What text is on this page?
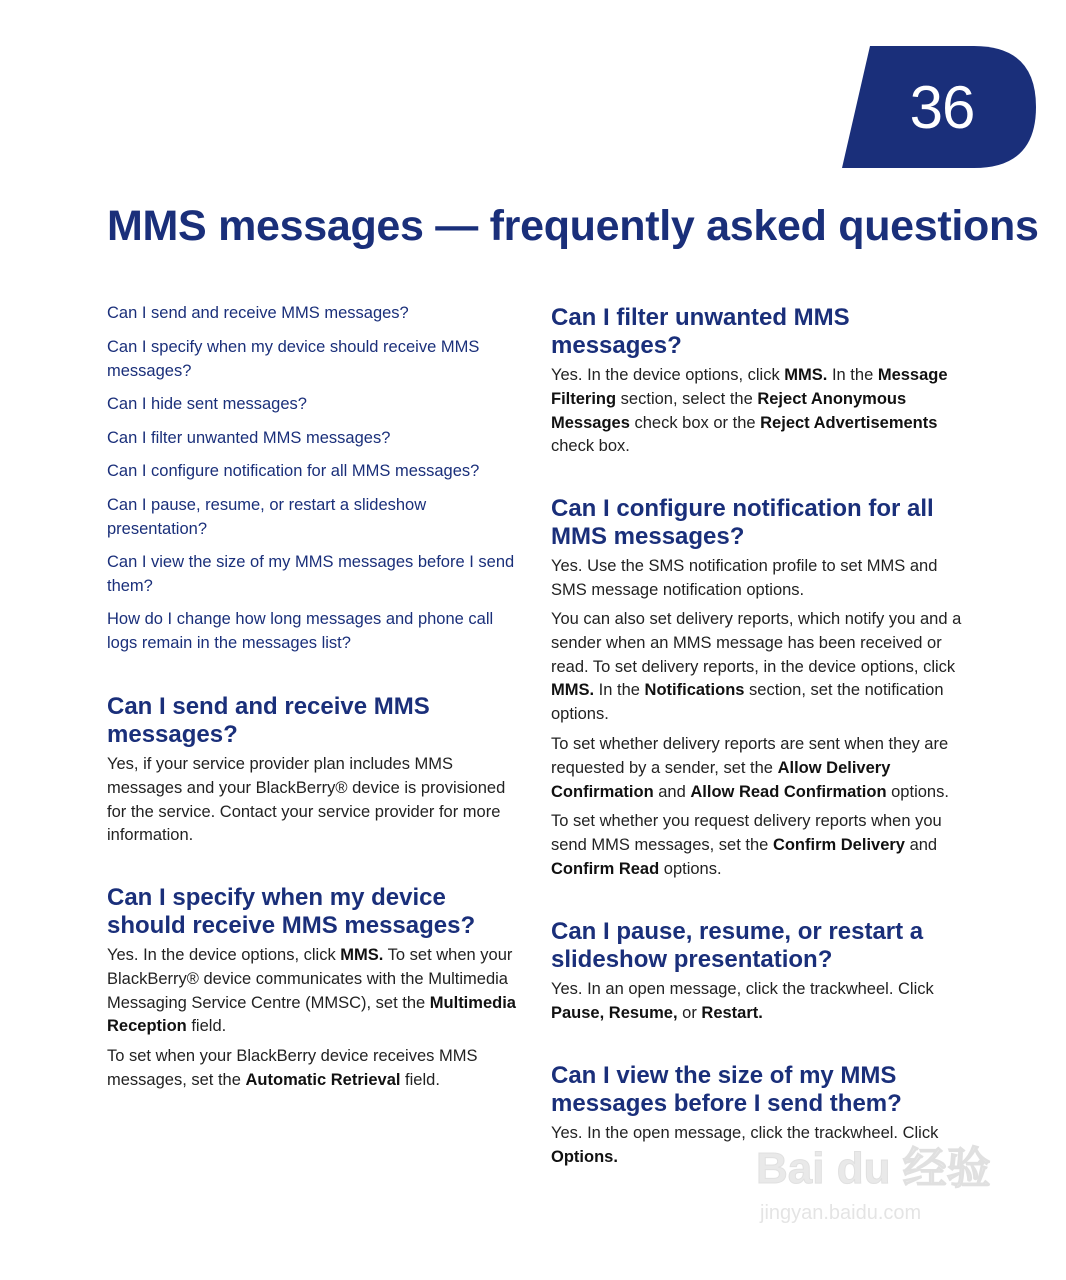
36
MMS messages — frequently asked questions
Can I send and receive MMS messages?
Can I specify when my device should receive MMS messages?
Can I hide sent messages?
Can I filter unwanted MMS messages?
Can I configure notification for all MMS messages?
Can I pause, resume, or restart a slideshow presentation?
Can I view the size of my MMS messages before I send them?
How do I change how long messages and phone call logs remain in the messages list?
Can I send and receive MMS messages?

Yes, if your service provider plan includes MMS messages and your BlackBerry® device is provisioned for the service. Contact your service provider for more information.

Can I specify when my device should receive MMS messages?

Yes. In the device options, click MMS. To set when your BlackBerry® device communicates with the Multimedia Messaging Service Centre (MMSC), set the Multimedia Reception field.

To set when your BlackBerry device receives MMS messages, set the Automatic Retrieval field.

Can I filter unwanted MMS messages?

Yes. In the device options, click MMS. In the Message Filtering section, select the Reject Anonymous Messages check box or the Reject Advertisements check box.

Can I configure notification for all MMS messages?

Yes. Use the SMS notification profile to set MMS and SMS message notification options.

You can also set delivery reports, which notify you and a sender when an MMS message has been received or read. To set delivery reports, in the device options, click MMS. In the Notifications section, set the notification options.

To set whether delivery reports are sent when they are requested by a sender, set the Allow Delivery Confirmation and Allow Read Confirmation options.

To set whether you request delivery reports when you send MMS messages, set the Confirm Delivery and Confirm Read options.

Can I pause, resume, or restart a slideshow presentation?

Yes. In an open message, click the trackwheel. Click Pause, Resume, or Restart.

Can I view the size of my MMS messages before I send them?

Yes. In the open message, click the trackwheel. Click Options.	Bai du 经验
jingyan.baidu.com
